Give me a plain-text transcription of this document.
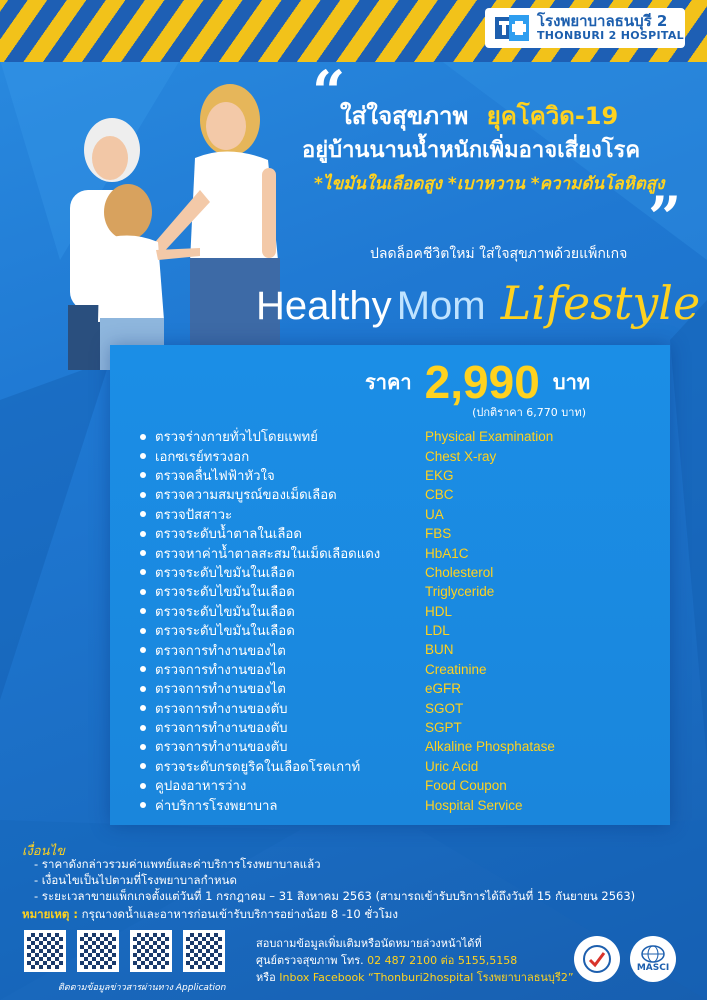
โรงพยาบาลธนบุรี 2
THONBURI 2 HOSPITAL
“
ใส่ใจสุขภาพ ยุคโควิด-19
อยู่บ้านนานน้ำหนักเพิ่มอาจเสี่ยงโรค
*ไขมันในเลือดสูง *เบาหวาน *ความดันโลหิตสูง
”
ปลดล็อคชีวิตใหม่ ใส่ใจสุขภาพด้วยแพ็กเกจ
Healthy Mom Lifestyle
ราคา 2,990 บาท
(ปกติราคา 6,770 บาท)
ตรวจร่างกายทั่วไปโดยแพทย์	Physical Examination
เอกซเรย์ทรวงอก	Chest X-ray
ตรวจคลื่นไฟฟ้าหัวใจ	EKG
ตรวจความสมบูรณ์ของเม็ดเลือด	CBC
ตรวจปัสสาวะ	UA
ตรวจระดับน้ำตาลในเลือด	FBS
ตรวจหาค่าน้ำตาลสะสมในเม็ดเลือดแดง	HbA1C
ตรวจระดับไขมันในเลือด	Cholesterol
ตรวจระดับไขมันในเลือด	Triglyceride
ตรวจระดับไขมันในเลือด	HDL
ตรวจระดับไขมันในเลือด	LDL
ตรวจการทำงานของไต	BUN
ตรวจการทำงานของไต	Creatinine
ตรวจการทำงานของไต	eGFR
ตรวจการทำงานของตับ	SGOT
ตรวจการทำงานของตับ	SGPT
ตรวจการทำงานของตับ	Alkaline Phosphatase
ตรวจระดับกรดยูริคในเลือดโรคเกาท์	Uric Acid
คูปองอาหารว่าง	Food Coupon
ค่าบริการโรงพยาบาล	Hospital Service
เงื่อนไข
- ราคาดังกล่าวรวมค่าแพทย์และค่าบริการโรงพยาบาลแล้ว
- เงื่อนไขเป็นไปตามที่โรงพยาบาลกำหนด
- ระยะเวลาขายแพ็กเกจตั้งแต่วันที่ 1 กรกฎาคม – 31 สิงหาคม 2563 (สามารถเข้ารับบริการได้ถึงวันที่ 15 กันยายน 2563)
หมายเหตุ : กรุณางดน้ำและอาหารก่อนเข้ารับบริการอย่างน้อย 8 -10 ชั่วโมง
ติดตามข้อมูลข่าวสารผ่านทาง Application
สอบถามข้อมูลเพิ่มเติมหรือนัดหมายล่วงหน้าได้ที่
ศูนย์ตรวจสุขภาพ โทร. 02 487 2100 ต่อ 5155,5158
หรือ Inbox Facebook “Thonburi2hospital โรงพยาบาลธนบุรี2”
MASCI
